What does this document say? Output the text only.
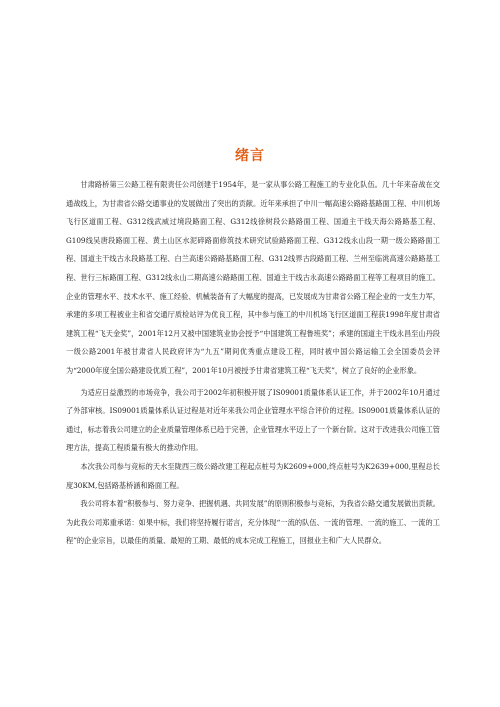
绪言

甘肃路桥第三公路工程有限责任公司创建于1954年，是一家从事公路工程施工的专业化队伍。几十年来奋战在交通战线上，为甘肃省公路交通事业的发展做出了突出的贡献。近年来承担了中川一幅高速公路路基路面工程、中川机场飞行区道面工程、G312线武威过境段路面工程、G312线徐树段公路路面工程、国道主干线天海公路路基工程、G109线吴唐段路面工程、黄土山区水泥碎路面修筑技术研究试验路路面工程、G312线永山段一期一级公路路面工程、国道主干线古永段路基工程、白兰高速公路路基路面工程、G312线界古段路面工程、兰州至临洮高速公路路基工程、世行三标路面工程、G312线永山二期高速公路路面工程、国道主干线古永高速公路路面工程等工程项目的施工。企业的管理水平、技术水平、施工经验、机械装备有了大幅度的提高，已发展成为甘肃省公路工程企业的一支生力军，承建的多项工程被业主和省交通厅质检站评为优良工程，其中参与施工的中川机场飞行区道面工程获1998年度甘肃省建筑工程“飞天金奖”，2001年12月又被中国建筑业协会授予“中国建筑工程鲁班奖”；承建的国道主干线永昌至山丹段一级公路2001年被甘肃省人民政府评为“九五”期间优秀重点建设工程，同时被中国公路运输工会全国委员会评为“2000年度全国公路建设优质工程”，2001年10月被授予甘肃省建筑工程“飞天奖”，树立了良好的企业形象。

为适应日益激烈的市场竞争，我公司于2002年初积极开展了IS09001质量体系认证工作，并于2002年10月通过了外部审核。IS09001质量体系认证过程是对近年来我公司企业管理水平综合评价的过程。IS09001质量体系认证的通过，标志着我公司建立的企业质量管理体系已趋于完善，企业管理水平迈上了一个新台阶。这对于改进我公司施工管理方法，提高工程质量有极大的推动作用。

本次我公司参与竞标的天水至陇西三级公路改建工程起点桩号为K2609+000,终点桩号为K2639+000,里程总长度30KM,包括路基桥涵和路面工程。

我公司将本着“积极参与、努力竞争、把握机遇、共同发展”的原则积极参与竞标，为我省公路交通发展做出贡献。为此我公司郑重承诺：如果中标，我们将坚持履行诺言，充分体现“一流的队伍、一流的管理、一流的施工、一流的工程”的企业宗旨，以最佳的质量、最短的工期、最低的成本完成工程施工，回报业主和广大人民群众。
